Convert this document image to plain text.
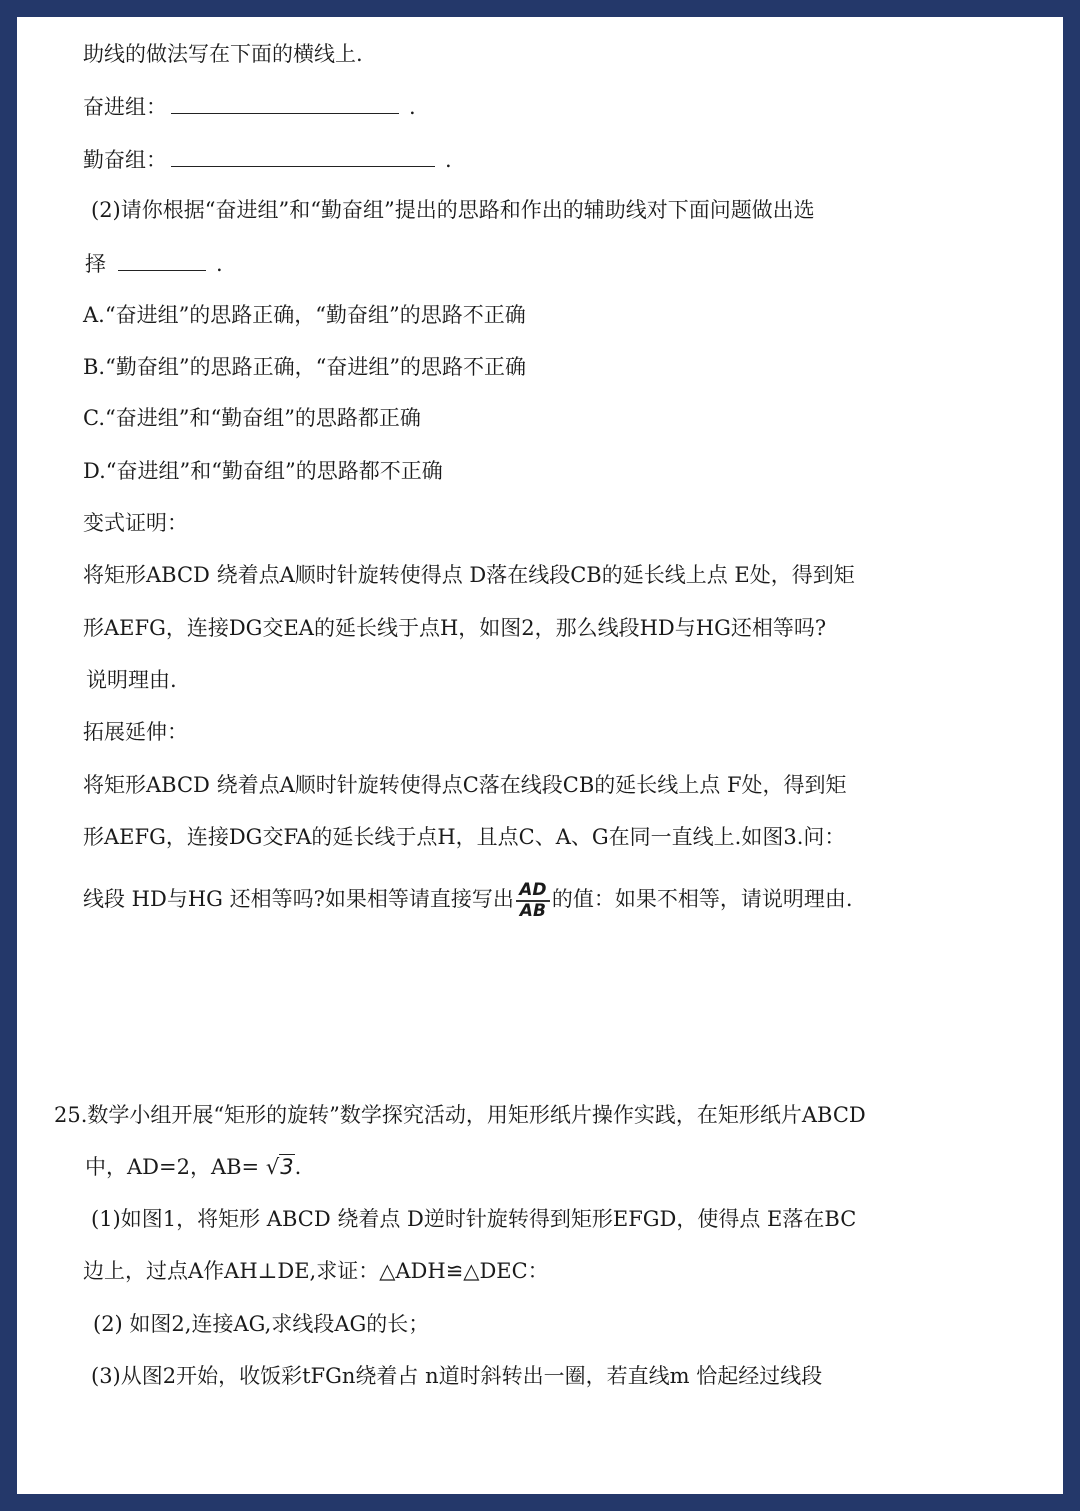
助线的做法写在下面的横线上.
奋进组：	.
勤奋组：	.
(2)请你根据“奋进组”和“勤奋组”提出的思路和作出的辅助线对下面问题做出选
择	.
A.“奋进组”的思路正确，“勤奋组”的思路不正确
B.“勤奋组”的思路正确，“奋进组”的思路不正确
C.“奋进组”和“勤奋组”的思路都正确
D.“奋进组”和“勤奋组”的思路都不正确
变式证明：
将矩形ABCD 绕着点A顺时针旋转使得点 D落在线段CB的延长线上点 E处，得到矩
形AEFG，连接DG交EA的延长线于点H，如图2，那么线段HD与HG还相等吗?
说明理由.
拓展延伸：
将矩形ABCD 绕着点A顺时针旋转使得点C落在线段CB的延长线上点 F处，得到矩
形AEFG，连接DG交FA的延长线于点H，且点C、A、G在同一直线上.如图3.问：
线段 HD与HG 还相等吗?如果相等请直接写出 $\frac{AD}{AB}$ 的值：如果不相等，请说明理由.
25.数学小组开展“矩形的旋转”数学探究活动，用矩形纸片操作实践，在矩形纸片ABCD
中，AD=2，AB= √3.
(1)如图1，将矩形 ABCD 绕着点 D逆时针旋转得到矩形EFGD，使得点 E落在BC
边上，过点A作AH⊥DE,求证：△ADH≌△DEC：
(2) 如图2,连接AG,求线段AG的长；
(3)从图2开始，收饭彩tFGn绕着占 n道时斜转出一圈，若直线m 恰起经过线段
